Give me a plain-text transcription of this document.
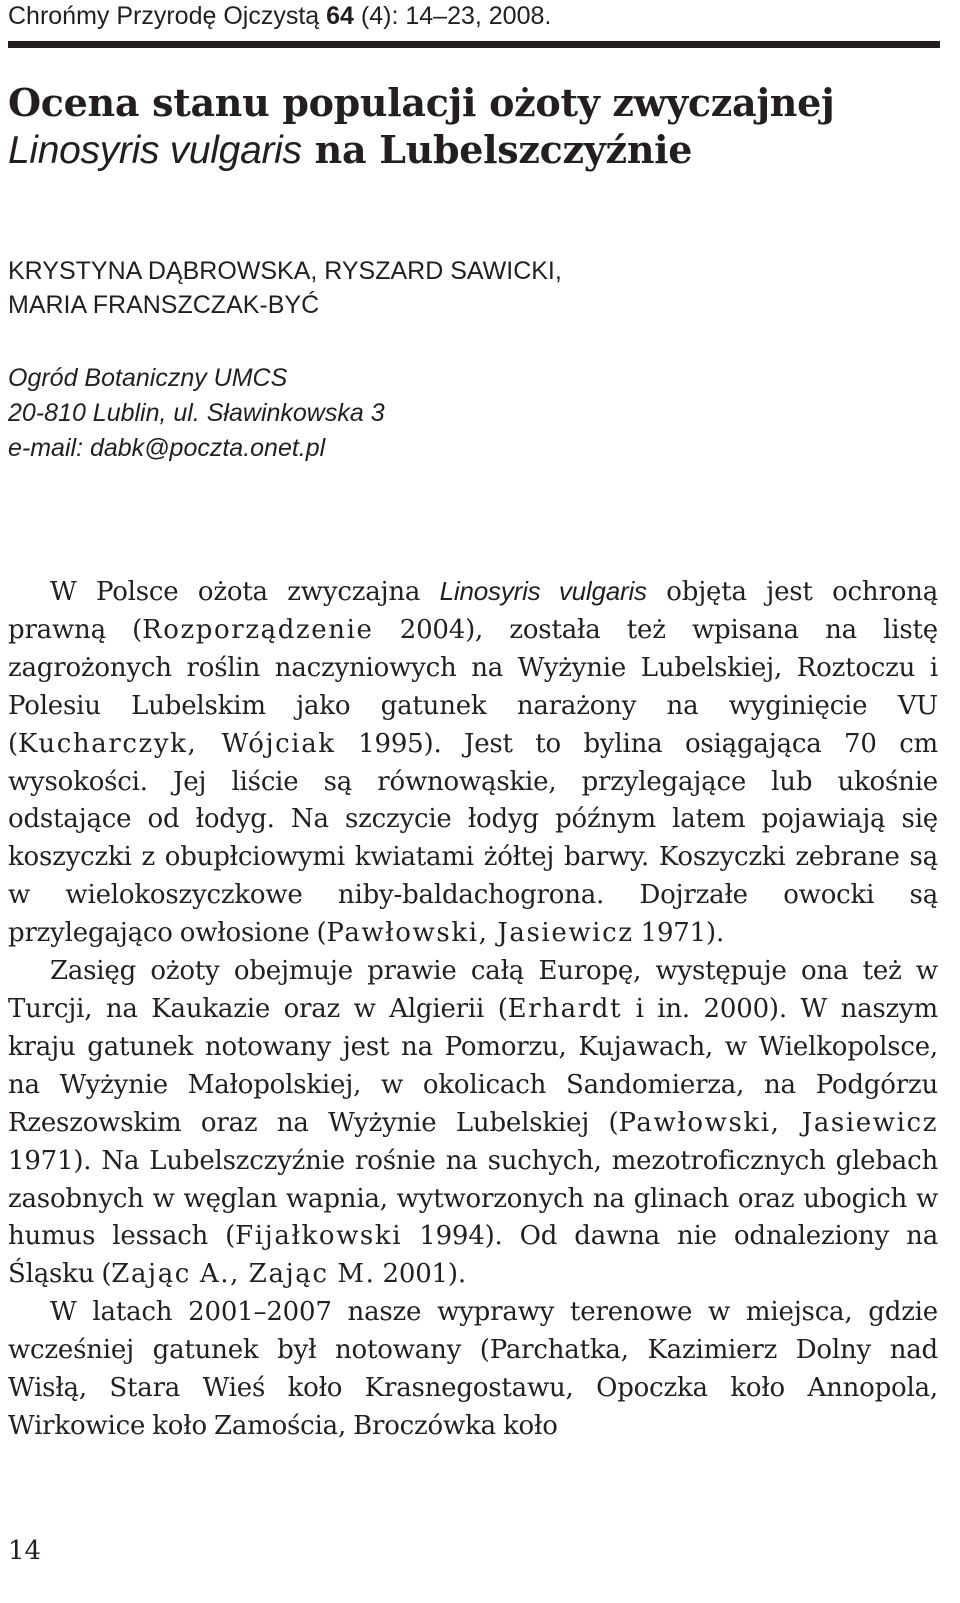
Chrońmy Przyrodę Ojczystą 64 (4): 14–23, 2008.
Ocena stanu populacji ożoty zwyczajnej
Linosyris vulgaris na Lubelszczyźnie
KRYSTYNA DĄBROWSKA, RYSZARD SAWICKI,
MARIA FRANSZCZAK-BYĆ
Ogród Botaniczny UMCS
20-810 Lublin, ul. Sławinkowska 3
e-mail: dabk@poczta.onet.pl

W Polsce ożota zwyczajna Linosyris vulgaris objęta jest ochroną prawną (Rozporządzenie 2004), została też wpisana na listę zagrożonych roślin naczyniowych na Wyżynie Lubelskiej, Roztoczu i Polesiu Lubelskim jako gatunek narażony na wyginięcie VU (Kucharczyk, Wójciak 1995). Jest to bylina osiągająca 70 cm wysokości. Jej liście są równowąskie, przylegające lub ukośnie odstające od łodyg. Na szczycie łodyg późnym latem pojawiają się koszyczki z obupłciowymi kwiatami żółtej barwy. Koszyczki zebrane są w wielokoszyczkowe niby-baldachogrona. Dojrzałe owocki są przylegająco owłosione (Pawłowski, Jasiewicz 1971).

Zasięg ożoty obejmuje prawie całą Europę, występuje ona też w Turcji, na Kaukazie oraz w Algierii (Erhardt i in. 2000). W naszym kraju gatunek notowany jest na Pomorzu, Kujawach, w Wielkopolsce, na Wyżynie Małopolskiej, w okolicach Sandomierza, na Podgórzu Rzeszowskim oraz na Wyżynie Lubelskiej (Pawłowski, Jasiewicz 1971). Na Lubelszczyźnie rośnie na suchych, mezotroficznych glebach zasobnych w węglan wapnia, wytworzonych na glinach oraz ubogich w humus lessach (Fijałkowski 1994). Od dawna nie odnaleziony na Śląsku (Zając A., Zając M. 2001).

W latach 2001–2007 nasze wyprawy terenowe w miejsca, gdzie wcześniej gatunek był notowany (Parchatka, Kazimierz Dolny nad Wisłą, Stara Wieś koło Krasnegostawu, Opoczka koło Annopola, Wirkowice koło Zamościa, Broczówka koło

14
